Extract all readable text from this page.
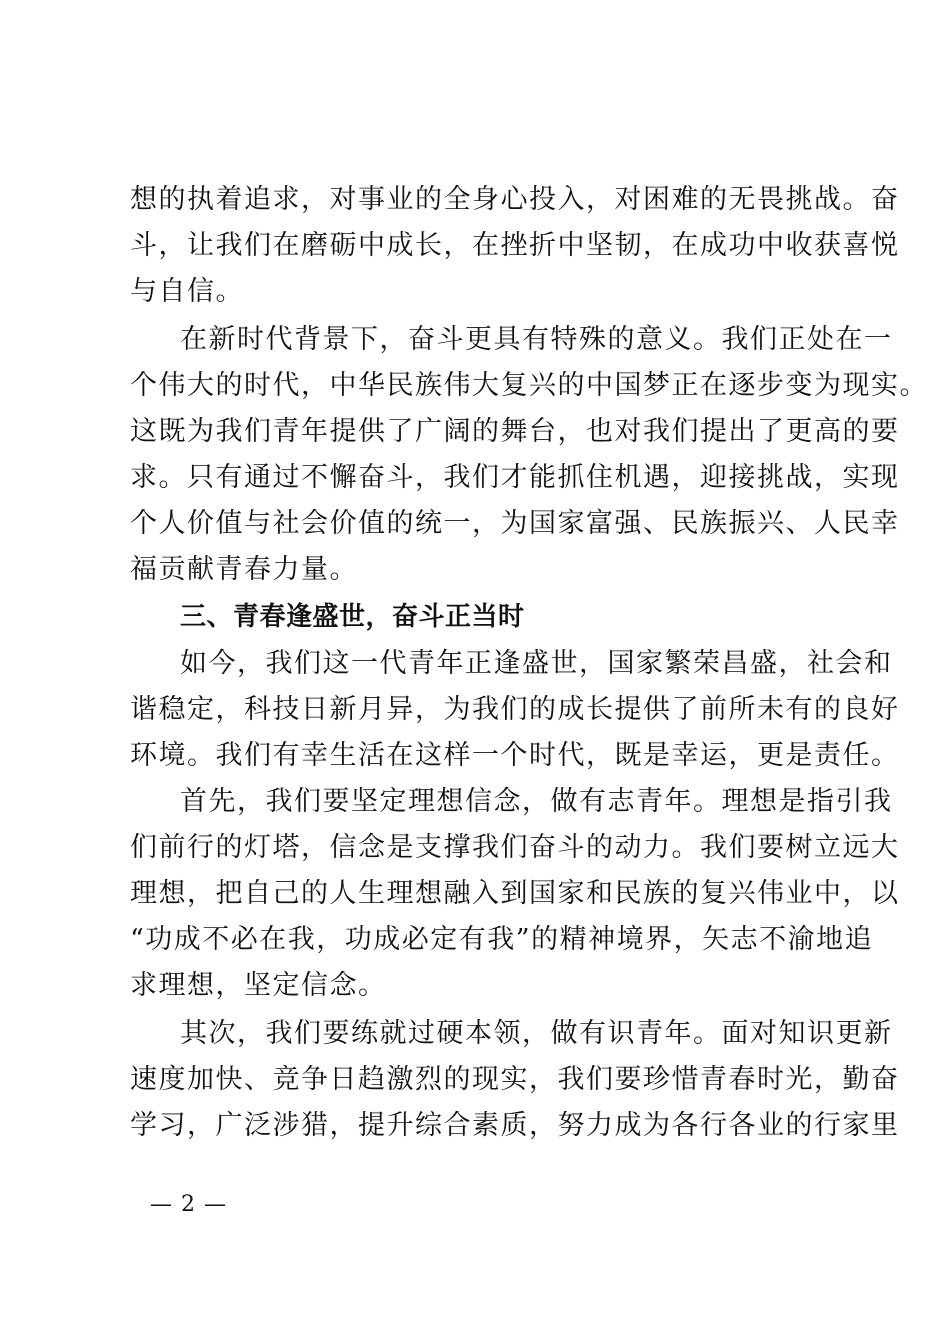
想的执着追求，对事业的全身心投入，对困难的无畏挑战。奋
斗，让我们在磨砺中成长，在挫折中坚韧，在成功中收获喜悦
与自信。
在新时代背景下，奋斗更具有特殊的意义。我们正处在一
个伟大的时代，中华民族伟大复兴的中国梦正在逐步变为现实。
这既为我们青年提供了广阔的舞台，也对我们提出了更高的要
求。只有通过不懈奋斗，我们才能抓住机遇，迎接挑战，实现
个人价值与社会价值的统一，为国家富强、民族振兴、人民幸
福贡献青春力量。
三、青春逢盛世，奋斗正当时
如今，我们这一代青年正逢盛世，国家繁荣昌盛，社会和
谐稳定，科技日新月异，为我们的成长提供了前所未有的良好
环境。我们有幸生活在这样一个时代，既是幸运，更是责任。
首先，我们要坚定理想信念，做有志青年。理想是指引我
们前行的灯塔，信念是支撑我们奋斗的动力。我们要树立远大
理想，把自己的人生理想融入到国家和民族的复兴伟业中，以
“功成不必在我，功成必定有我”的精神境界，矢志不渝地追
求理想，坚定信念。
其次，我们要练就过硬本领，做有识青年。面对知识更新
速度加快、竞争日趋激烈的现实，我们要珍惜青春时光，勤奋
学习，广泛涉猎，提升综合素质，努力成为各行各业的行家里
— 2 —
